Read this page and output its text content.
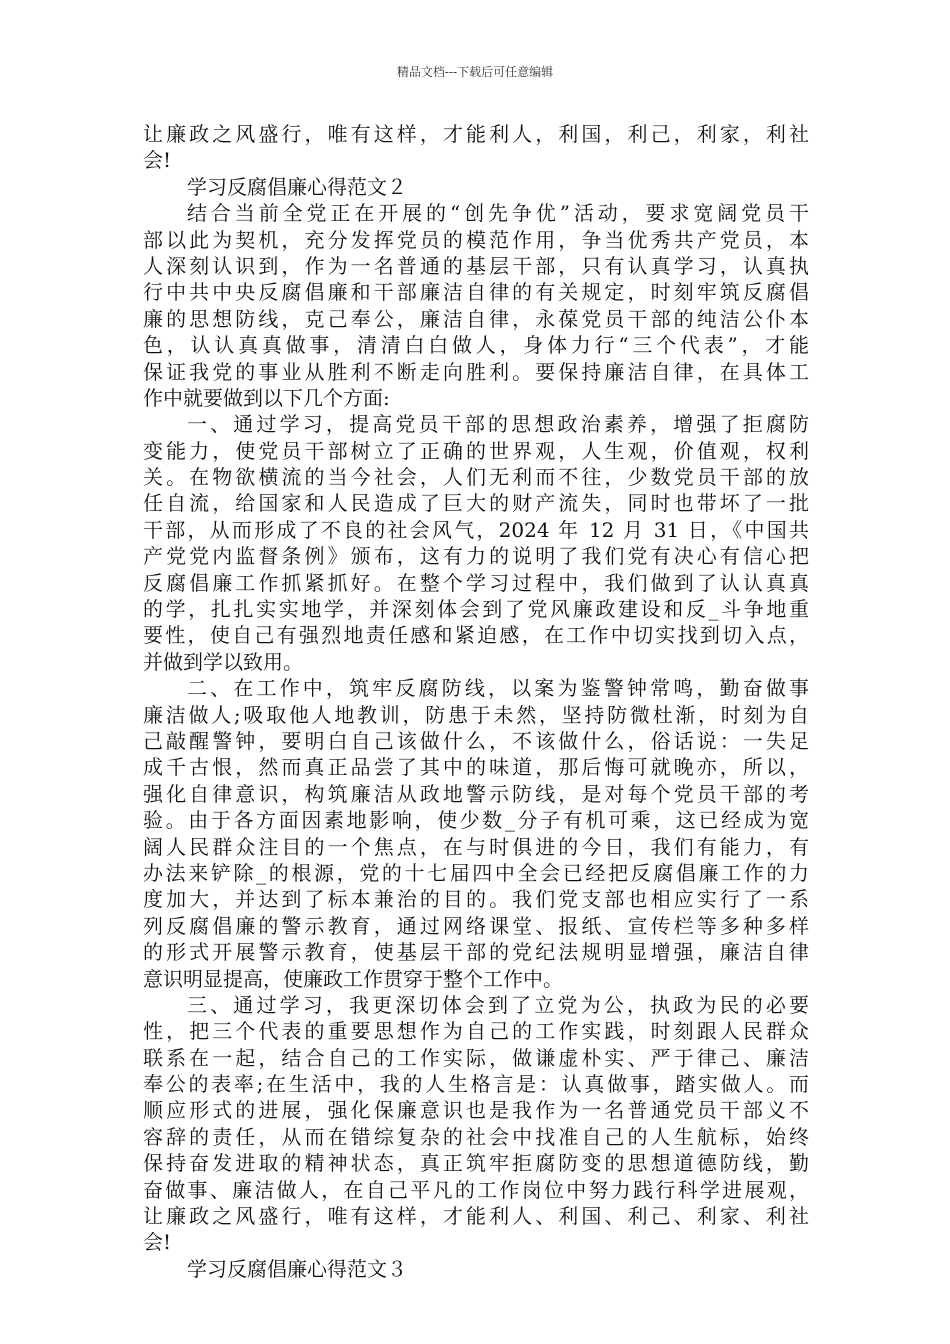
精品文档---下载后可任意编辑
让廉政之风盛行，唯有这样，才能利人，利国，利己，利家，利社
会!
学习反腐倡廉心得范文２
结合当前全党正在开展的“创先争优”活动，要求宽阔党员干
部以此为契机，充分发挥党员的模范作用，争当优秀共产党员，本
人深刻认识到，作为一名普通的基层干部，只有认真学习，认真执
行中共中央反腐倡廉和干部廉洁自律的有关规定，时刻牢筑反腐倡
廉的思想防线，克己奉公，廉洁自律，永葆党员干部的纯洁公仆本
色，认认真真做事，清清白白做人，身体力行“三个代表”，才能
保证我党的事业从胜利不断走向胜利。要保持廉洁自律，在具体工
作中就要做到以下几个方面:
一、通过学习，提高党员干部的思想政治素养，增强了拒腐防
变能力，使党员干部树立了正确的世界观，人生观，价值观，权利
关。在物欲横流的当今社会，人们无利而不往，少数党员干部的放
任自流，给国家和人民造成了巨大的财产流失，同时也带坏了一批
干部，从而形成了不良的社会风气，2024 年 12 月 31 日，《中国共
产党党内监督条例》颁布，这有力的说明了我们党有决心有信心把
反腐倡廉工作抓紧抓好。在整个学习过程中，我们做到了认认真真
的学，扎扎实实地学，并深刻体会到了党风廉政建设和反_斗争地重
要性，使自己有强烈地责任感和紧迫感，在工作中切实找到切入点，
并做到学以致用。
二、在工作中，筑牢反腐防线，以案为鉴警钟常鸣，勤奋做事
廉洁做人;吸取他人地教训，防患于未然，坚持防微杜渐，时刻为自
己敲醒警钟，要明白自己该做什么，不该做什么，俗话说：一失足
成千古恨，然而真正品尝了其中的味道，那后悔可就晚亦，所以，
强化自律意识，构筑廉洁从政地警示防线，是对每个党员干部的考
验。由于各方面因素地影响，使少数_分子有机可乘，这已经成为宽
阔人民群众注目的一个焦点，在与时俱进的今日，我们有能力，有
办法来铲除_的根源，党的十七届四中全会已经把反腐倡廉工作的力
度加大，并达到了标本兼治的目的。我们党支部也相应实行了一系
列反腐倡廉的警示教育，通过网络课堂、报纸、宣传栏等多种多样
的形式开展警示教育，使基层干部的党纪法规明显增强，廉洁自律
意识明显提高，使廉政工作贯穿于整个工作中。
三、通过学习，我更深切体会到了立党为公，执政为民的必要
性，把三个代表的重要思想作为自己的工作实践，时刻跟人民群众
联系在一起，结合自己的工作实际，做谦虚朴实、严于律己、廉洁
奉公的表率;在生活中，我的人生格言是：认真做事，踏实做人。而
顺应形式的进展，强化保廉意识也是我作为一名普通党员干部义不
容辞的责任，从而在错综复杂的社会中找准自己的人生航标，始终
保持奋发进取的精神状态，真正筑牢拒腐防变的思想道德防线，勤
奋做事、廉洁做人，在自己平凡的工作岗位中努力践行科学进展观，
让廉政之风盛行，唯有这样，才能利人、利国、利己、利家、利社
会!
学习反腐倡廉心得范文３
